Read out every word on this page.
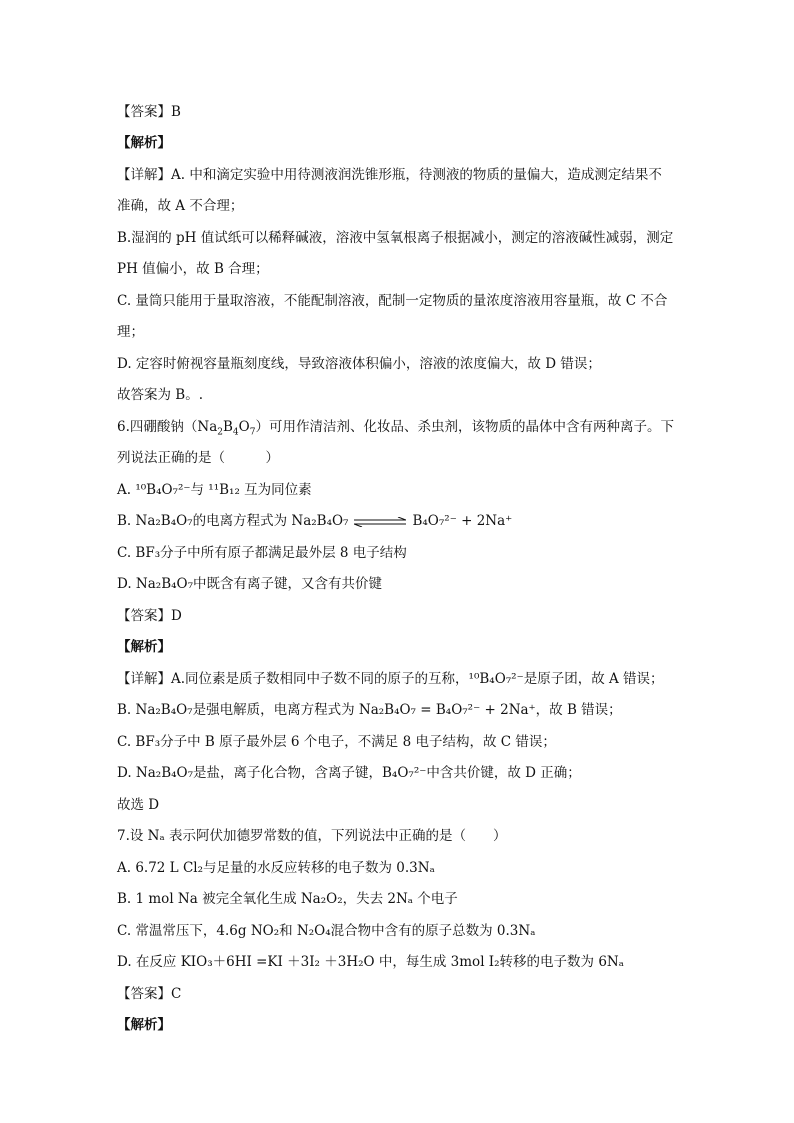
【答案】B
【解析】
【详解】A. 中和滴定实验中用待测液润洗锥形瓶，待测液的物质的量偏大，造成测定结果不
准确，故 A 不合理；
B.湿润的 pH 值试纸可以稀释碱液，溶液中氢氧根离子根据减小，测定的溶液碱性减弱，测定
PH 值偏小，故 B 合理；
C. 量筒只能用于量取溶液，不能配制溶液，配制一定物质的量浓度溶液用容量瓶，故 C 不合
理；
D. 定容时俯视容量瓶刻度线，导致溶液体积偏小，溶液的浓度偏大，故 D 错误；
故答案为 B。.
6.四硼酸钠$(Na_2B_4O_7)$可用作清洁剂、化妆品、杀虫剂，该物质的晶体中含有两种离子。下
列说法正确的是（　　　）
A. ¹⁰B₄O₇²⁻与 ¹¹B₁₂ 互为同位素
B. Na₂B₄O₇的电离方程式为 Na₂B₄O₇ ⇌ B₄O₇²⁻ + 2Na⁺
C. BF₃分子中所有原子都满足最外层 8 电子结构
D. Na₂B₄O₇中既含有离子键，又含有共价键
【答案】D
【解析】
【详解】A.同位素是质子数相同中子数不同的原子的互称，¹⁰B₄O₇²⁻是原子团，故 A 错误；
B. Na₂B₄O₇是强电解质，电离方程式为 Na₂B₄O₇ = B₄O₇²⁻ + 2Na⁺，故 B 错误；
C. BF₃分子中 B 原子最外层 6 个电子，不满足 8 电子结构，故 C 错误；
D. Na₂B₄O₇是盐，离子化合物，含离子键，B₄O₇²⁻中含共价键，故 D 正确；
故选 D
7.设 Nₐ 表示阿伏加德罗常数的值，下列说法中正确的是（　　）
A. 6.72 L Cl₂与足量的水反应转移的电子数为 0.3Nₐ
B. 1 mol Na 被完全氧化生成 Na₂O₂，失去 2Nₐ 个电子
C. 常温常压下，4.6g NO₂和 N₂O₄混合物中含有的原子总数为 0.3Nₐ
D. 在反应 KIO₃＋6HI =KI ＋3I₂ ＋3H₂O 中，每生成 3mol I₂转移的电子数为 6Nₐ
【答案】C
【解析】
